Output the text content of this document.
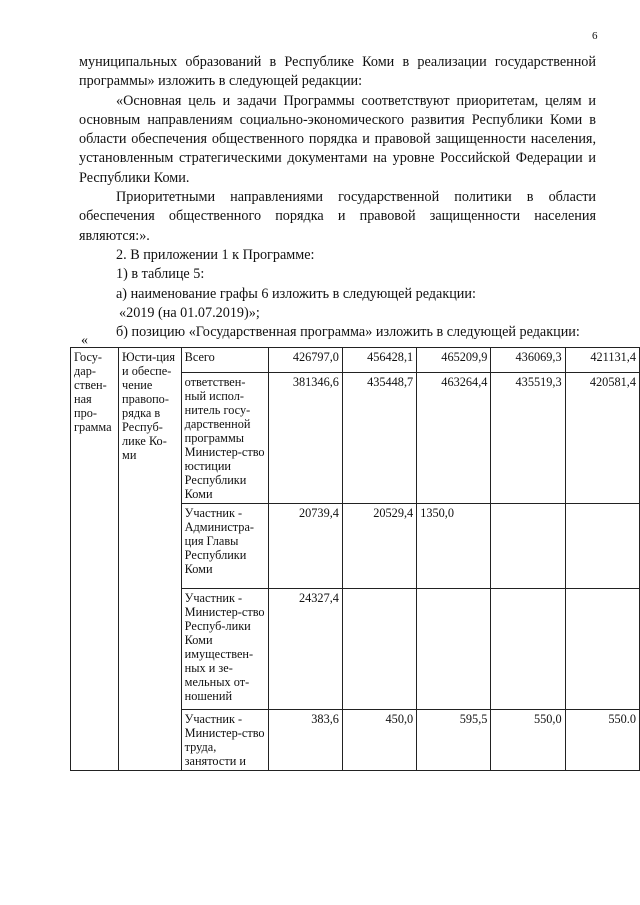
6

муниципальных образований в Республике Коми в реализации государственной программы» изложить в следующей редакции:

«Основная цель и задачи Программы соответствуют приоритетам, целям и основным направлениям социально-экономического развития Республики Коми в области обеспечения общественного порядка и правовой защищенности населения, установленным стратегическими документами на уровне Российской Федерации и Республики Коми.

Приоритетными направлениями государственной политики в области обеспечения общественного порядка и правовой защищенности населения являются:».

2. В приложении 1 к Программе:

1) в таблице 5:

а) наименование графы 6 изложить в следующей редакции:

«2019 (на 01.07.2019)»;

б) позицию «Государственная программа» изложить в следующей редакции:

«
Госу-дар-ствен-ная про-грамма	Юсти-ция и обеспе-чение правопо-рядка в Респуб-лике Ко-ми	Всего	426797,0	456428,1	465209,9	436069,3	421131,4
		ответствен-ный испол-нитель госу-дарственной программы Министер-ство юстиции Республики Коми	381346,6	435448,7	463264,4	435519,3	420581,4
		Участник - Администра-ция Главы Республики Коми	20739,4	20529,4	1350,0		
		Участник - Министер-ство Респуб-лики Коми имуществен-ных и зе-мельных от-ношений	24327,4				
		Участник - Министер-ство труда, занятости и	383,6	450,0	595,5	550,0	550.0
